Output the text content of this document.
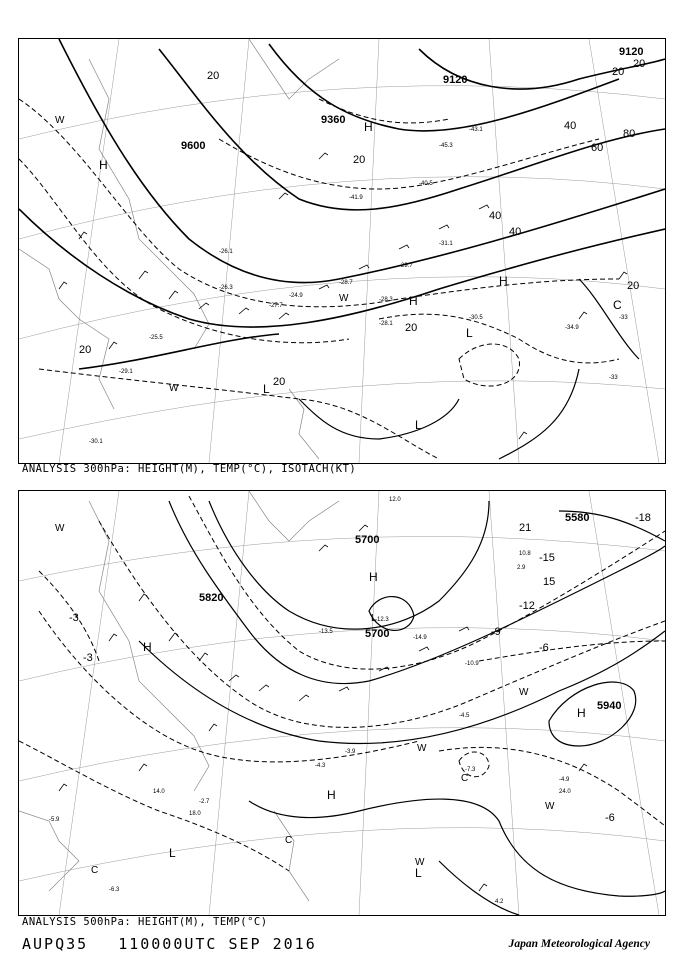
9600
9360
9120
9120
20
20
20
20
40
40
40
60
80
20
20
20
20
H
H
H
H
L
L
L
C
W
W
W
-26.3
-27.7
-28.7
-29.7
-31.1
-30.5
-28.3
-28.1
-40.5
-41.9
-43.1
-45.3
-34.9
-29.1
-30.1
-25.5
-24.9
-26.1
-33
-33
ANALYSIS 300hPa: HEIGHT(M), TEMP(°C), ISOTACH(KT)
5820
5700
5700
5580
5940
-18
-15
-12
-9
-6
-6
-3
-3
21
15
H
H
H
H
L
L
L
C
C
C
W
W
W
W
W
-12.3
-14.9
-13.5
-10.9
-4.5
-7.3
-4.9
-4.3
-3.9
-2.7
-6.3
-5.9
12.0
10.8
2.9
24.0
4.2
18.0
14.0
ANALYSIS 500hPa: HEIGHT(M), TEMP(°C)
AUPQ35 110000UTC SEP 2016	Japan Meteorological Agency
